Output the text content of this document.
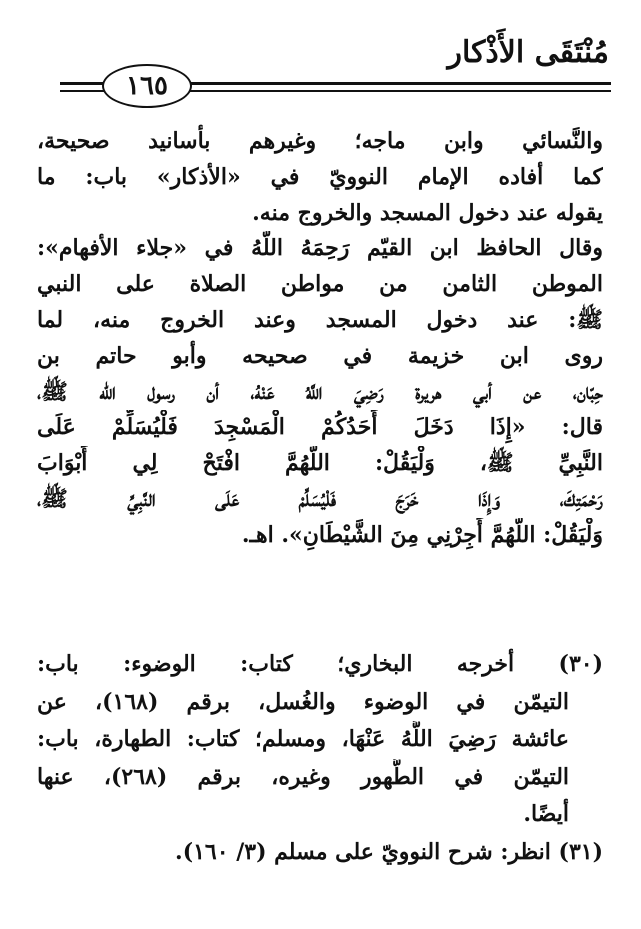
مُنْتَقَى الأَذْكار
١٦٥
والنَّسائي وابن ماجه؛ وغيرهم بأسانيد صحيحة،
كما أفاده الإمام النوويّ في «الأذكار» باب: ما
يقوله عند دخول المسجد والخروج منه.
وقال الحافظ ابن القيّم رَحِمَهُ اللَّهُ في «جلاء الأفهام»:
الموطن الثامن من مواطن الصلاة على النبي
ﷺ: عند دخول المسجد وعند الخروج منه، لما
روى ابن خزيمة في صحيحه وأبو حاتم بن
حِبّان، عن أبي هريرة رَضِيَ اللَّهُ عَنْهُ، أن رسول الله ﷺ،
قال: «إِذَا دَخَلَ أَحَدُكُمْ الْمَسْجِدَ فَلْيُسَلِّمْ عَلَى
النَّبِيِّ ﷺ، وَلْيَقُلْ: اللَّهُمَّ افْتَحْ لِي أَبْوَابَ
رَحْمَتِكَ، وَإِذَا خَرَجَ فَلْيُسَلِّمْ عَلَى النَّبِيِّ ﷺ،
وَلْيَقُلْ: اللَّهُمَّ أَجِرْنِي مِنَ الشَّيْطَانِ». اهـ.
(٣٠) أخرجه البخاري؛ كتاب: الوضوء: باب:
التيمّن في الوضوء والغُسل، برقم (١٦٨)، عن
عائشة رَضِيَ اللَّهُ عَنْهَا، ومسلم؛ كتاب: الطهارة، باب:
التيمّن في الطُّهور وغيره، برقم (٢٦٨)، عنها
أيضًا.
(٣١) انظر: شرح النوويّ على مسلم (٣/ ١٦٠).
